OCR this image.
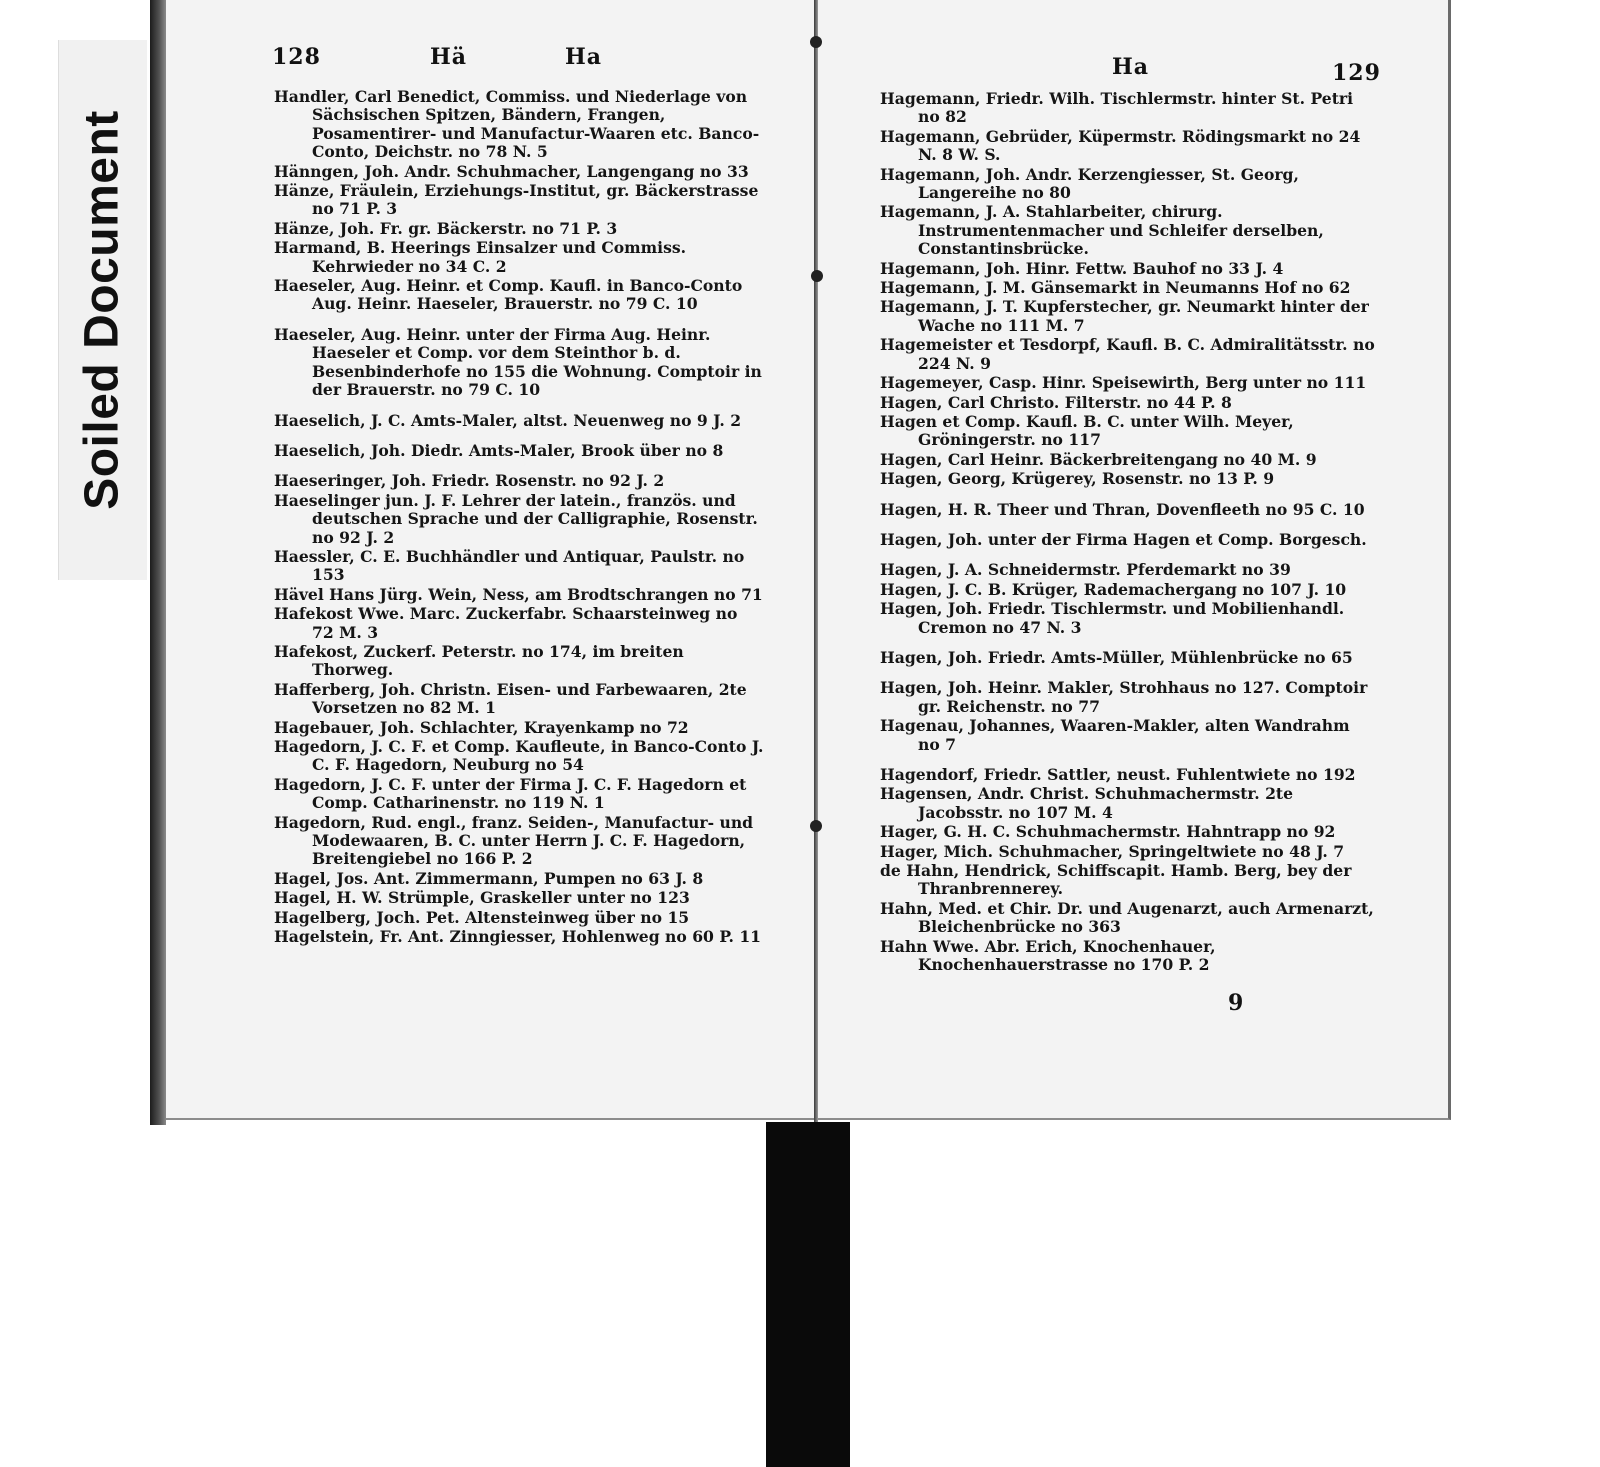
Soiled Document
128	Hä	Ha	Ha	129
Handler, Carl Benedict, Commiss. und Niederlage von Sächsischen Spitzen, Bändern, Frangen, Posamentirer- und Manufactur-Waaren etc. Banco-Conto, Deichstr. no 78 N. 5
Hänngen, Joh. Andr. Schuhmacher, Langengang no 33
Hänze, Fräulein, Erziehungs-Institut, gr. Bäckerstrasse no 71 P. 3
Hänze, Joh. Fr. gr. Bäckerstr. no 71 P. 3
Harmand, B. Heerings Einsalzer und Commiss. Kehrwieder no 34 C. 2
Haeseler, Aug. Heinr. et Comp. Kaufl. in Banco-Conto Aug. Heinr. Haeseler, Brauerstr. no 79 C. 10
Haeseler, Aug. Heinr. unter der Firma Aug. Heinr. Haeseler et Comp. vor dem Steinthor b. d. Besenbinderhofe no 155 die Wohnung. Comptoir in der Brauerstr. no 79 C. 10
Haeselich, J. C. Amts-Maler, altst. Neuenweg no 9 J. 2
Haeselich, Joh. Diedr. Amts-Maler, Brook über no 8
Haeseringer, Joh. Friedr. Rosenstr. no 92 J. 2
Haeselinger jun. J. F. Lehrer der latein., französ. und deutschen Sprache und der Calligraphie, Rosenstr. no 92 J. 2
Haessler, C. E. Buchhändler und Antiquar, Paulstr. no 153
Hävel Hans Jürg. Wein, Ness, am Brodtschrangen no 71
Hafekost Wwe. Marc. Zuckerfabr. Schaarsteinweg no 72 M. 3
Hafekost, Zuckerf. Peterstr. no 174, im breiten Thorweg.
Hafferberg, Joh. Christn. Eisen- und Farbewaaren, 2te Vorsetzen no 82 M. 1
Hagebauer, Joh. Schlachter, Krayenkamp no 72
Hagedorn, J. C. F. et Comp. Kaufleute, in Banco-Conto J. C. F. Hagedorn, Neuburg no 54
Hagedorn, J. C. F. unter der Firma J. C. F. Hagedorn et Comp. Catharinenstr. no 119 N. 1
Hagedorn, Rud. engl., franz. Seiden-, Manufactur- und Modewaaren, B. C. unter Herrn J. C. F. Hagedorn, Breitengiebel no 166 P. 2
Hagel, Jos. Ant. Zimmermann, Pumpen no 63 J. 8
Hagel, H. W. Strümple, Graskeller unter no 123
Hagelberg, Joch. Pet. Altensteinweg über no 15
Hagelstein, Fr. Ant. Zinngiesser, Hohlenweg no 60 P. 11
Hagemann, Friedr. Wilh. Tischlermstr. hinter St. Petri no 82
Hagemann, Gebrüder, Küpermstr. Rödingsmarkt no 24 N. 8 W. S.
Hagemann, Joh. Andr. Kerzengiesser, St. Georg, Langereihe no 80
Hagemann, J. A. Stahlarbeiter, chirurg. Instrumentenmacher und Schleifer derselben, Constantinsbrücke.
Hagemann, Joh. Hinr. Fettw. Bauhof no 33 J. 4
Hagemann, J. M. Gänsemarkt in Neumanns Hof no 62
Hagemann, J. T. Kupferstecher, gr. Neumarkt hinter der Wache no 111 M. 7
Hagemeister et Tesdorpf, Kaufl. B. C. Admiralitätsstr. no 224 N. 9
Hagemeyer, Casp. Hinr. Speisewirth, Berg unter no 111
Hagen, Carl Christo. Filterstr. no 44 P. 8
Hagen et Comp. Kaufl. B. C. unter Wilh. Meyer, Gröningerstr. no 117
Hagen, Carl Heinr. Bäckerbreitengang no 40 M. 9
Hagen, Georg, Krügerey, Rosenstr. no 13 P. 9
Hagen, H. R. Theer und Thran, Dovenfleeth no 95 C. 10
Hagen, Joh. unter der Firma Hagen et Comp. Borgesch.
Hagen, J. A. Schneidermstr. Pferdemarkt no 39
Hagen, J. C. B. Krüger, Rademachergang no 107 J. 10
Hagen, Joh. Friedr. Tischlermstr. und Mobilienhandl. Cremon no 47 N. 3
Hagen, Joh. Friedr. Amts-Müller, Mühlenbrücke no 65
Hagen, Joh. Heinr. Makler, Strohhaus no 127. Comptoir gr. Reichenstr. no 77
Hagenau, Johannes, Waaren-Makler, alten Wandrahm no 7
Hagendorf, Friedr. Sattler, neust. Fuhlentwiete no 192
Hagensen, Andr. Christ. Schuhmachermstr. 2te Jacobsstr. no 107 M. 4
Hager, G. H. C. Schuhmachermstr. Hahntrapp no 92
Hager, Mich. Schuhmacher, Springeltwiete no 48 J. 7
de Hahn, Hendrick, Schiffscapit. Hamb. Berg, bey der Thranbrennerey.
Hahn, Med. et Chir. Dr. und Augenarzt, auch Armenarzt, Bleichenbrücke no 363
Hahn Wwe. Abr. Erich, Knochenhauer, Knochenhauerstrasse no 170 P. 2
9
